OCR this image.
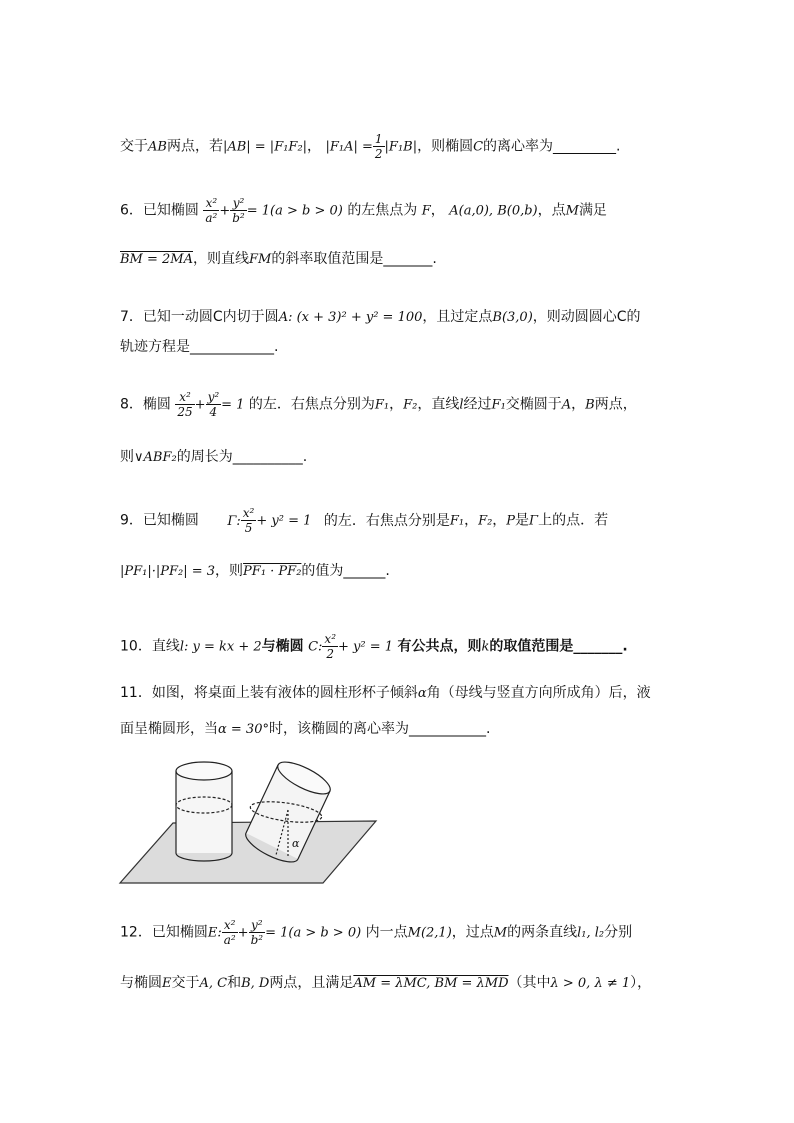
交于AB两点，若|AB| = |F₁F₂|， $|F_1A| = \frac{1}{2} |F_1B|$，则椭圆C的离心率为_________.
6．已知椭圆 $\frac{\text{x²}}{\text{a²}} + \frac{\text{y²}}{\text{b²}} = 1(a > b > 0)$ 的左焦点为 F， A(a,0), B(0,b)，点M满足
BM = 2MA，则直线FM的斜率取值范围是_______.
7．已知一动圆C内切于圆A: (x + 3)² + y² = 100，且过定点B(3,0)，则动圆圆心C的
轨迹方程是____________.
8．椭圆 $\frac{\text{x²}}{25} + \frac{\text{y²}}{4} = 1$ 的左．右焦点分别为F₁，F₂，直线l经过F₁交椭圆于A，B两点，
则∨ABF₂的周长为__________.
9．已知椭圆 Γ: $\frac{\text{x²}}{5} + y^2 = 1$ 的左．右焦点分别是F₁，F₂，P是Γ上的点．若
|PF₁|·|PF₂| = 3，则PF₁ · PF₂的值为______.
10．直线l: y = kx + 2与椭圆 C: $\frac{\text{x²}}{2} + y^2 = 1$ 有公共点，则k的取值范围是_______.
11．如图，将桌面上装有液体的圆柱形杯子倾斜α角（母线与竖直方向所成角）后，液
面呈椭圆形，当α = 30°时，该椭圆的离心率为___________.
α
12．已知椭圆E: $\frac{\text{x²}}{\text{a²}} + \frac{\text{y²}}{\text{b²}} = 1(a > b > 0)$ 内一点M(2,1)，过点M的两条直线l₁, l₂分别
与椭圆E交于A, C和B, D两点，且满足AM = λMC, BM = λMD（其中λ > 0, λ ≠ 1），
